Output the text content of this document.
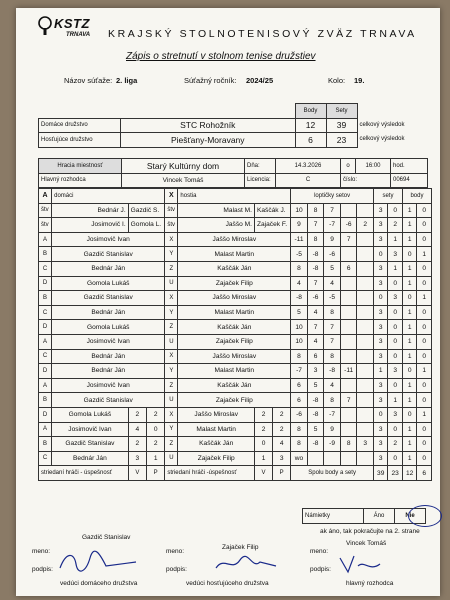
KSTZ
TRNAVA KRAJSKÝ STOLNOTENISOVÝ ZVÄZ TRNAVA
Zápis o stretnutí v stolnom tenise družstiev
Názov súťaže: 2. liga	Súťažný ročník: 2024/25	Kolo: 19.
		Body	Sety	
Domáce družstvo	STC Rohožník	12	39	celkový výsledok
Hosťujúce družstvo	Piešťany-Moravany	6	23	celkový výsledok
Hracia miestnosť	Starý Kultúrny dom	Dňa:	14.3.2026	o	16:00	hod.
Hlavný rozhodca	Vincek Tomáš	Licencia:	C	číslo:		00694
A	domáci			X	hostia			loptičky setov					sety		body	
štv	Bednár J.	Gazdič S.		štv	Malast M.	Kaščák J.		10	8	7			3	0	1	0
štv	Josimovič I.	Gomola L.		štv	Jaššo M.	Zajaček F.		9	7	-7	-6	2	3	2	1	0
A	Josimovič Ivan			X	Jaššo Miroslav			-11	8	9	7		3	1	1	0
B	Gazdič Stanislav			Y	Malast Martin			-5	-8	-6			0	3	0	1
C	Bednár Ján			Z	Kaščák Ján			8	-8	5	6		3	1	1	0
D	Gomola Lukáš			U	Zajaček Filip			4	7	4			3	0	1	0
B	Gazdič Stanislav			X	Jaššo Miroslav			-8	-6	-5			0	3	0	1
C	Bednár Ján			Y	Malast Martin			5	4	8			3	0	1	0
D	Gomola Lukáš			Z	Kaščák Ján			10	7	7			3	0	1	0
A	Josimovič Ivan			U	Zajaček Filip			10	4	7			3	0	1	0
C	Bednár Ján			X	Jaššo Miroslav			8	6	8			3	0	1	0
D	Bednár Ján			Y	Malast Martin			-7	3	-8	-11		1	3	0	1
A	Josimovič Ivan			Z	Kaščák Ján			6	5	4			3	0	1	0
B	Gazdič Stanislav			U	Zajaček Filip			6	-8	8	7		3	1	1	0
D	Gomola Lukáš	2	2	X	Jaššo Miroslav	2	2	-6	-8	-7			0	3	0	1
A	Josimovič Ivan	4	0	Y	Malast Martin	2	2	8	5	9			3	0	1	0
B	Gazdič Stanislav	2	2	Z	Kaščák Ján	0	4	8	-8	-9	8	3	3	2	1	0
C	Bednár Ján	3	1	U	Zajaček Filip	1	3	wo					3	0	1	0
striedaní hráči - úspešnosť		V	P	striedaní hráči -úspešnosť		V	P	Spolu body a sety					39	23	12	6
Námietky	Áno	Nie
ak áno, tak pokračujte na 2. strane
meno:
Gazdič Stanislav
podpis:
vedúci domáceho družstva
meno:
Zajaček Filip
podpis:
vedúci hosťujúceho družstva
meno:
Vincek Tomáš
podpis:
hlavný rozhodca
